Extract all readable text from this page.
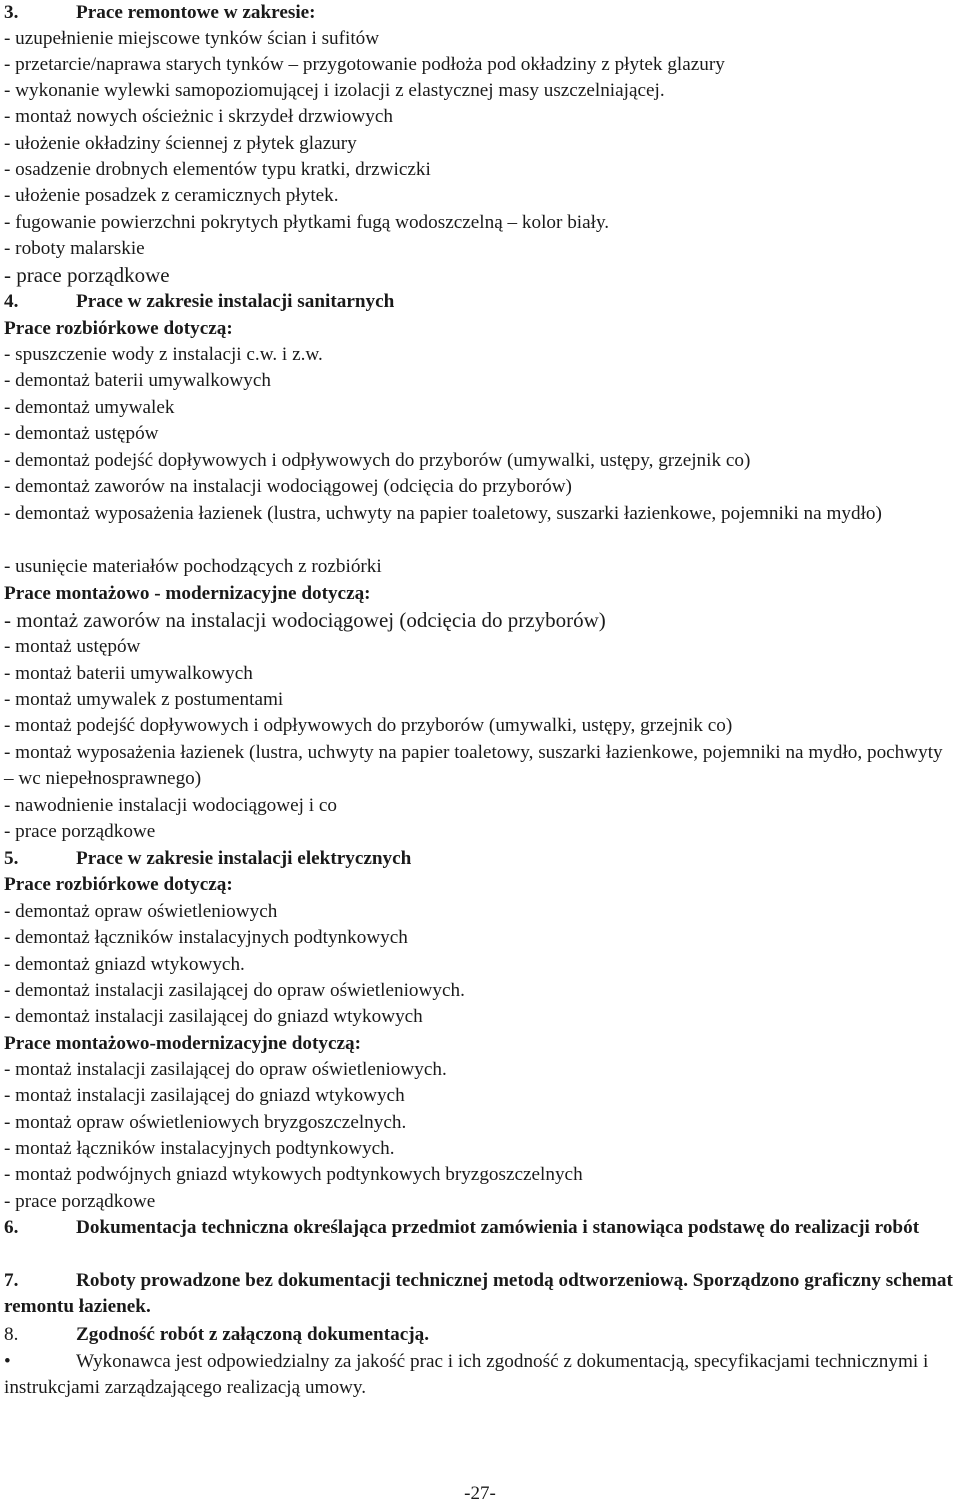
3.	Prace remontowe w zakresie:
- uzupełnienie miejscowe tynków ścian i sufitów
- przetarcie/naprawa starych tynków – przygotowanie podłoża pod okładziny z płytek glazury
- wykonanie wylewki samopoziomującej i izolacji z elastycznej masy uszczelniającej.
- montaż nowych ościeżnic i skrzydeł drzwiowych
- ułożenie okładziny ściennej z płytek glazury
- osadzenie drobnych elementów typu kratki, drzwiczki
- ułożenie posadzek z ceramicznych płytek.
- fugowanie powierzchni pokrytych płytkami fugą wodoszczelną – kolor biały.
- roboty malarskie
- prace porządkowe
4.	Prace w zakresie instalacji sanitarnych
Prace rozbiórkowe dotyczą:
- spuszczenie wody z instalacji c.w. i z.w.
- demontaż baterii umywalkowych
- demontaż umywalek
- demontaż ustępów
- demontaż podejść dopływowych i odpływowych do przyborów (umywalki, ustępy, grzejnik co)
- demontaż zaworów na instalacji wodociągowej (odcięcia do przyborów)
- demontaż wyposażenia łazienek (lustra, uchwyty na papier toaletowy, suszarki łazienkowe, pojemniki na mydło)
- usunięcie materiałów pochodzących z rozbiórki
Prace montażowo - modernizacyjne dotyczą:
- montaż zaworów na instalacji wodociągowej (odcięcia do przyborów)
- montaż ustępów
- montaż baterii umywalkowych
- montaż umywalek z postumentami
- montaż podejść dopływowych i odpływowych do przyborów (umywalki, ustępy, grzejnik co)
- montaż wyposażenia łazienek (lustra, uchwyty na papier toaletowy, suszarki łazienkowe, pojemniki na mydło, pochwyty – wc niepełnosprawnego)
- nawodnienie instalacji wodociągowej i co
- prace porządkowe
5.	Prace w zakresie instalacji elektrycznych
Prace rozbiórkowe dotyczą:
- demontaż opraw oświetleniowych
- demontaż łączników instalacyjnych podtynkowych
- demontaż gniazd wtykowych.
- demontaż instalacji zasilającej do opraw oświetleniowych.
- demontaż instalacji zasilającej do gniazd wtykowych
Prace montażowo-modernizacyjne dotyczą:
- montaż instalacji zasilającej do opraw oświetleniowych.
- montaż instalacji zasilającej do gniazd wtykowych
- montaż opraw oświetleniowych bryzgoszczelnych.
- montaż łączników instalacyjnych podtynkowych.
- montaż podwójnych gniazd wtykowych podtynkowych bryzgoszczelnych
- prace porządkowe
6.	Dokumentacja techniczna określająca przedmiot zamówienia i stanowiąca podstawę do realizacji robót
7.	Roboty prowadzone bez dokumentacji technicznej metodą odtworzeniową. Sporządzono graficzny schemat remontu łazienek.
8.	Zgodność robót z załączoną dokumentacją.
•	Wykonawca jest odpowiedzialny za jakość prac i ich zgodność z dokumentacją, specyfikacjami technicznymi i instrukcjami zarządzającego realizacją umowy.
-27-
